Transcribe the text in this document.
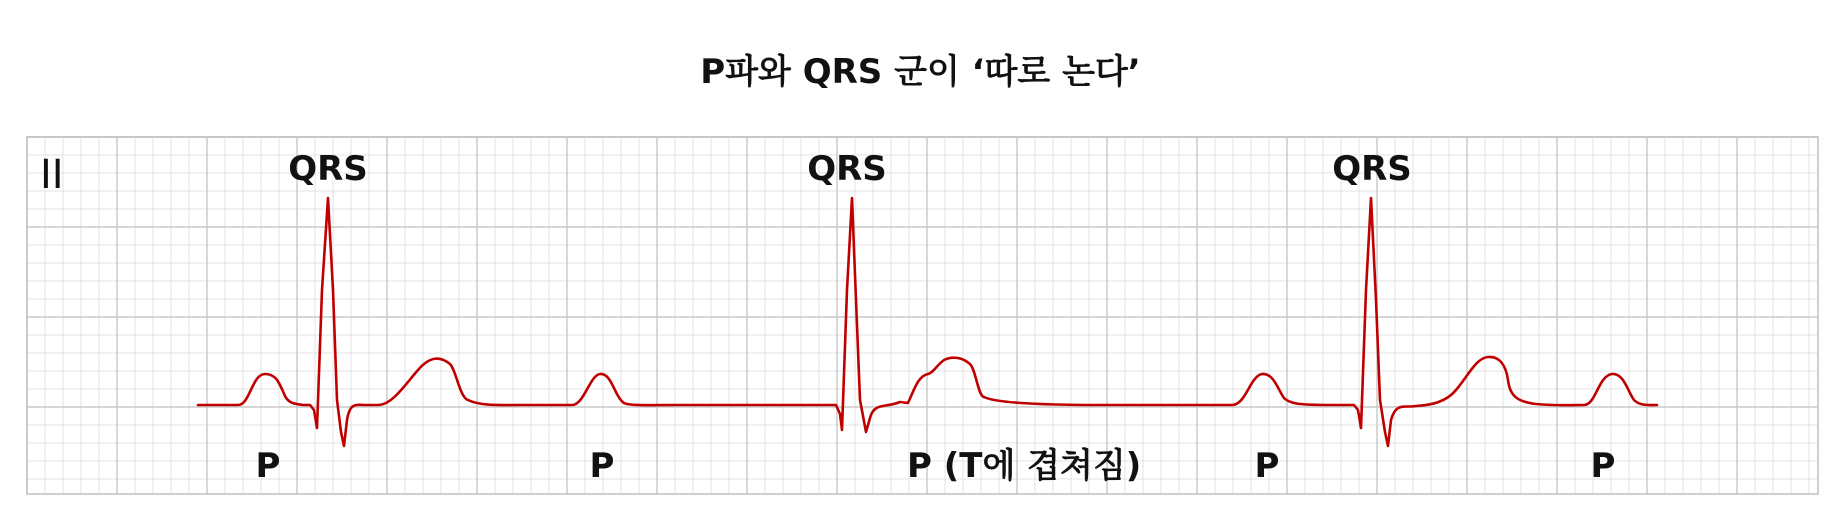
P파와 QRS 군이 ‘따로 논다’
II	QRS	QRS	QRS
P	P	P (T에 겹쳐짐)	P	P
